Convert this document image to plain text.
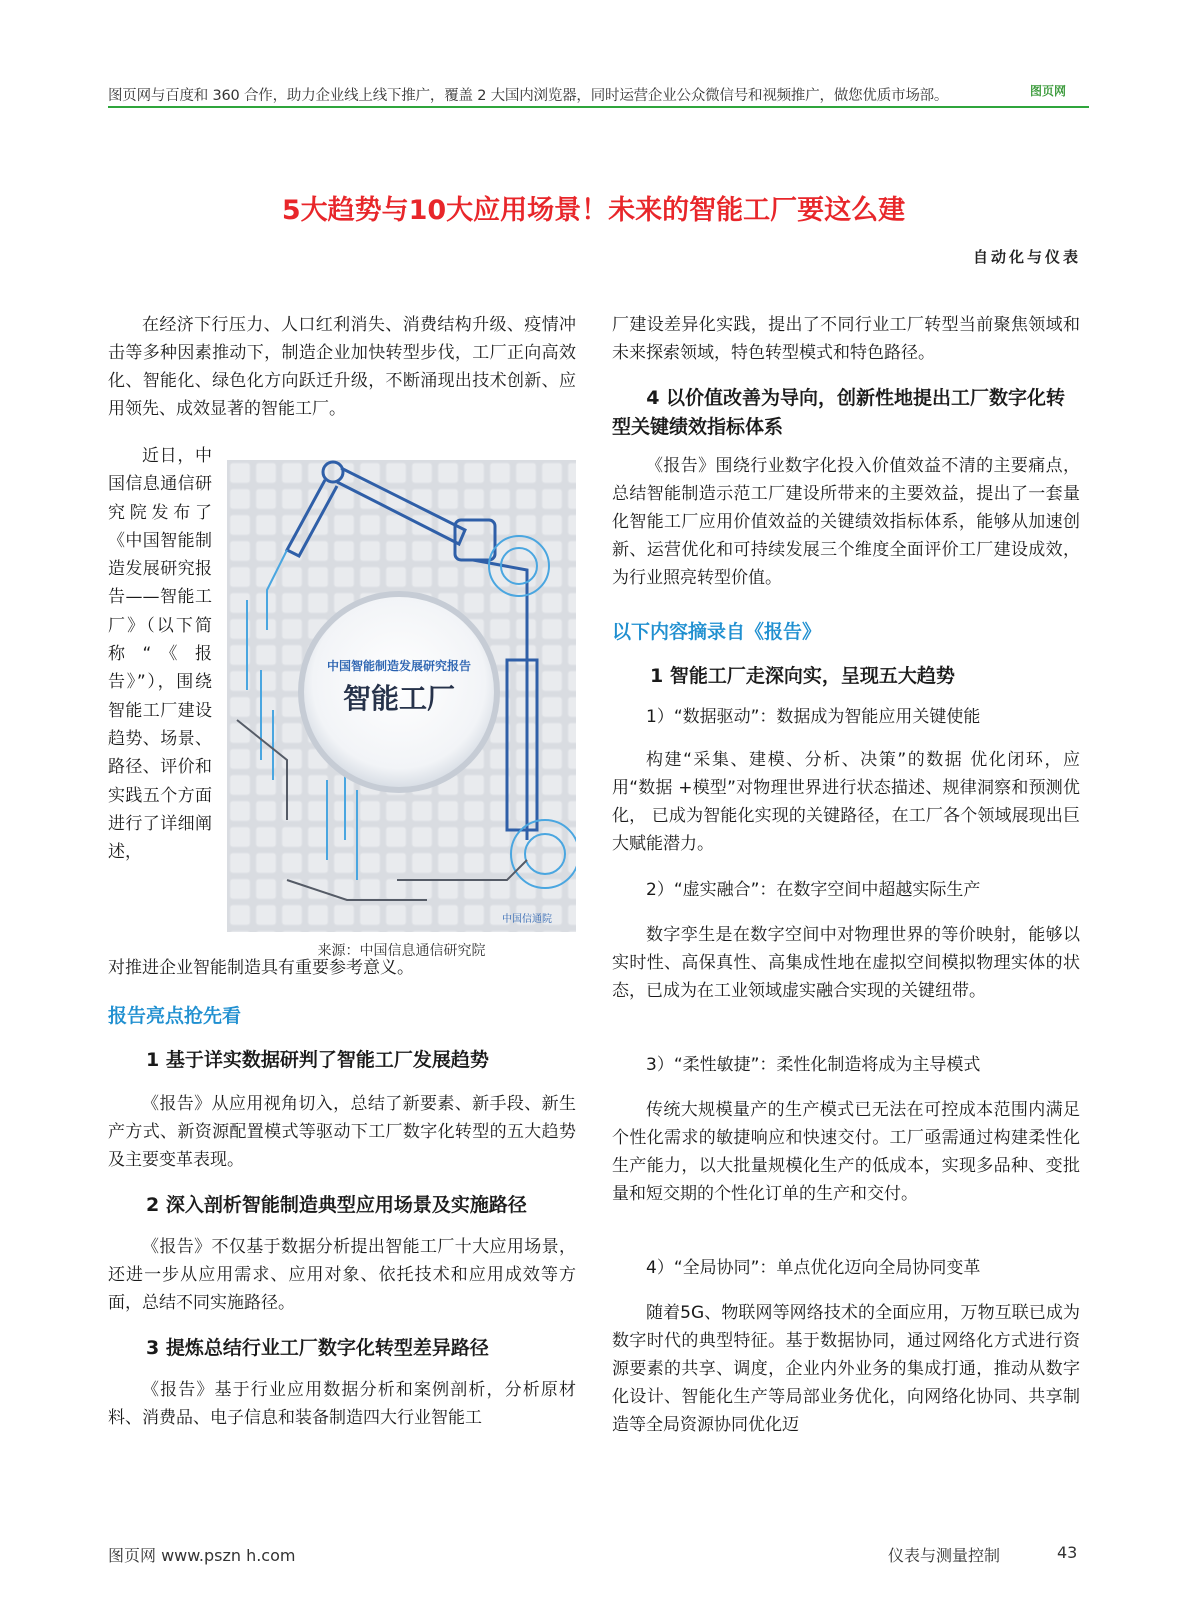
图页网与百度和 360 合作，助力企业线上线下推广，覆盖 2 大国内浏览器，同时运营企业公众微信号和视频推广，做您优质市场部。	图页网
5大趋势与10大应用场景！未来的智能工厂要这么建
自动化与仪表

在经济下行压力、人口红利消失、消费结构升级、疫情冲击等多种因素推动下，制造企业加快转型步伐，工厂正向高效化、智能化、绿色化方向跃迁升级，不断涌现出技术创新、应用领先、成效显著的智能工厂。

近日，中国信息通信研究院发布了《中国智能制造发展研究报告——智能工厂》（以下简称“《报告》”），围绕智能工厂建设趋势、场景、路径、评价和实践五个方面进行了详细阐述，

中国智能制造发展研究报告
智能工厂
中国信通院
来源：中国信息通信研究院

对推进企业智能制造具有重要参考意义。

报告亮点抢先看
1 基于详实数据研判了智能工厂发展趋势

《报告》从应用视角切入，总结了新要素、新手段、新生产方式、新资源配置模式等驱动下工厂数字化转型的五大趋势及主要变革表现。

2 深入剖析智能制造典型应用场景及实施路径

《报告》不仅基于数据分析提出智能工厂十大应用场景，还进一步从应用需求、应用对象、依托技术和应用成效等方面，总结不同实施路径。

3 提炼总结行业工厂数字化转型差异路径

《报告》基于行业应用数据分析和案例剖析，分析原材料、消费品、电子信息和装备制造四大行业智能工

厂建设差异化实践，提出了不同行业工厂转型当前聚焦领域和未来探索领域，特色转型模式和特色路径。

4 以价值改善为导向，创新性地提出工厂数字化转型关键绩效指标体系

《报告》围绕行业数字化投入价值效益不清的主要痛点，总结智能制造示范工厂建设所带来的主要效益，提出了一套量化智能工厂应用价值效益的关键绩效指标体系，能够从加速创新、运营优化和可持续发展三个维度全面评价工厂建设成效，为行业照亮转型价值。

以下内容摘录自《报告》
1 智能工厂走深向实，呈现五大趋势

1）“数据驱动”：数据成为智能应用关键使能

构建“采集、建模、分析、决策”的数据 优化闭环，应用“数据 +模型”对物理世界进行状态描述、规律洞察和预测优化， 已成为智能化实现的关键路径，在工厂各个领域展现出巨大赋能潜力。

2）“虚实融合”：在数字空间中超越实际生产

数字孪生是在数字空间中对物理世界的等价映射，能够以实时性、高保真性、高集成性地在虚拟空间模拟物理实体的状态，已成为在工业领域虚实融合实现的关键纽带。

3）“柔性敏捷”：柔性化制造将成为主导模式

传统大规模量产的生产模式已无法在可控成本范围内满足个性化需求的敏捷响应和快速交付。工厂亟需通过构建柔性化生产能力，以大批量规模化生产的低成本，实现多品种、变批量和短交期的个性化订单的生产和交付。

4）“全局协同”：单点优化迈向全局协同变革

随着5G、物联网等网络技术的全面应用，万物互联已成为数字时代的典型特征。基于数据协同，通过网络化方式进行资源要素的共享、调度，企业内外业务的集成打通，推动从数字化设计、智能化生产等局部业务优化，向网络化协同、共享制造等全局资源协同优化迈

图页网 www.pszn h.com	仪表与测量控制	43
